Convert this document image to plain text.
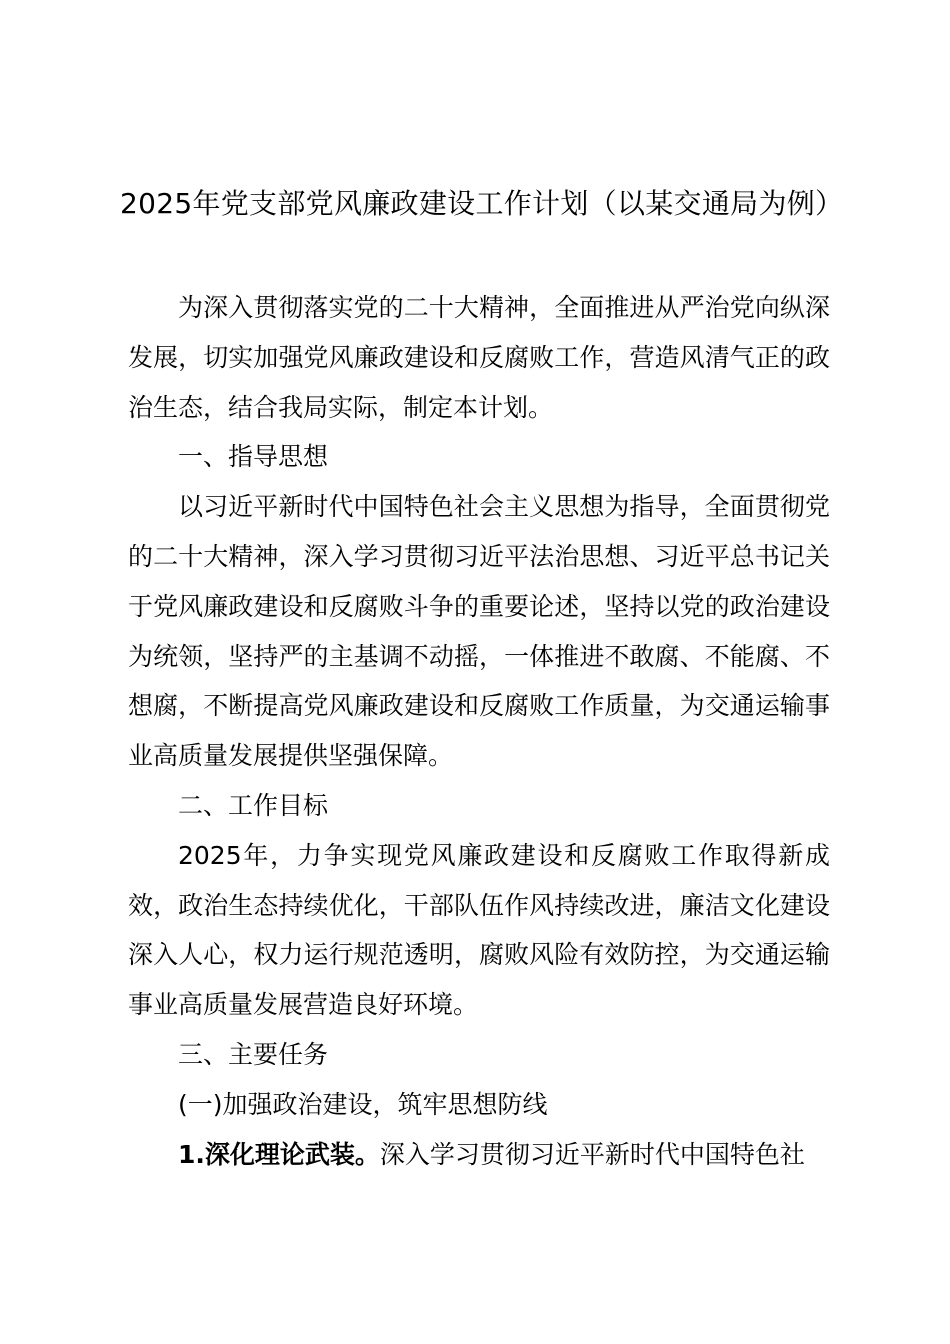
2025年党支部党风廉政建设工作计划（以某交通局为例）

为深入贯彻落实党的二十大精神，全面推进从严治党向纵深发展，切实加强党风廉政建设和反腐败工作，营造风清气正的政治生态，结合我局实际，制定本计划。

一、指导思想

以习近平新时代中国特色社会主义思想为指导，全面贯彻党的二十大精神，深入学习贯彻习近平法治思想、习近平总书记关于党风廉政建设和反腐败斗争的重要论述，坚持以党的政治建设为统领，坚持严的主基调不动摇，一体推进不敢腐、不能腐、不想腐，不断提高党风廉政建设和反腐败工作质量，为交通运输事业高质量发展提供坚强保障。

二、工作目标

2025年，力争实现党风廉政建设和反腐败工作取得新成效，政治生态持续优化，干部队伍作风持续改进，廉洁文化建设深入人心，权力运行规范透明，腐败风险有效防控，为交通运输事业高质量发展营造良好环境。

三、主要任务

(一)加强政治建设，筑牢思想防线

1.深化理论武装。深入学习贯彻习近平新时代中国特色社
